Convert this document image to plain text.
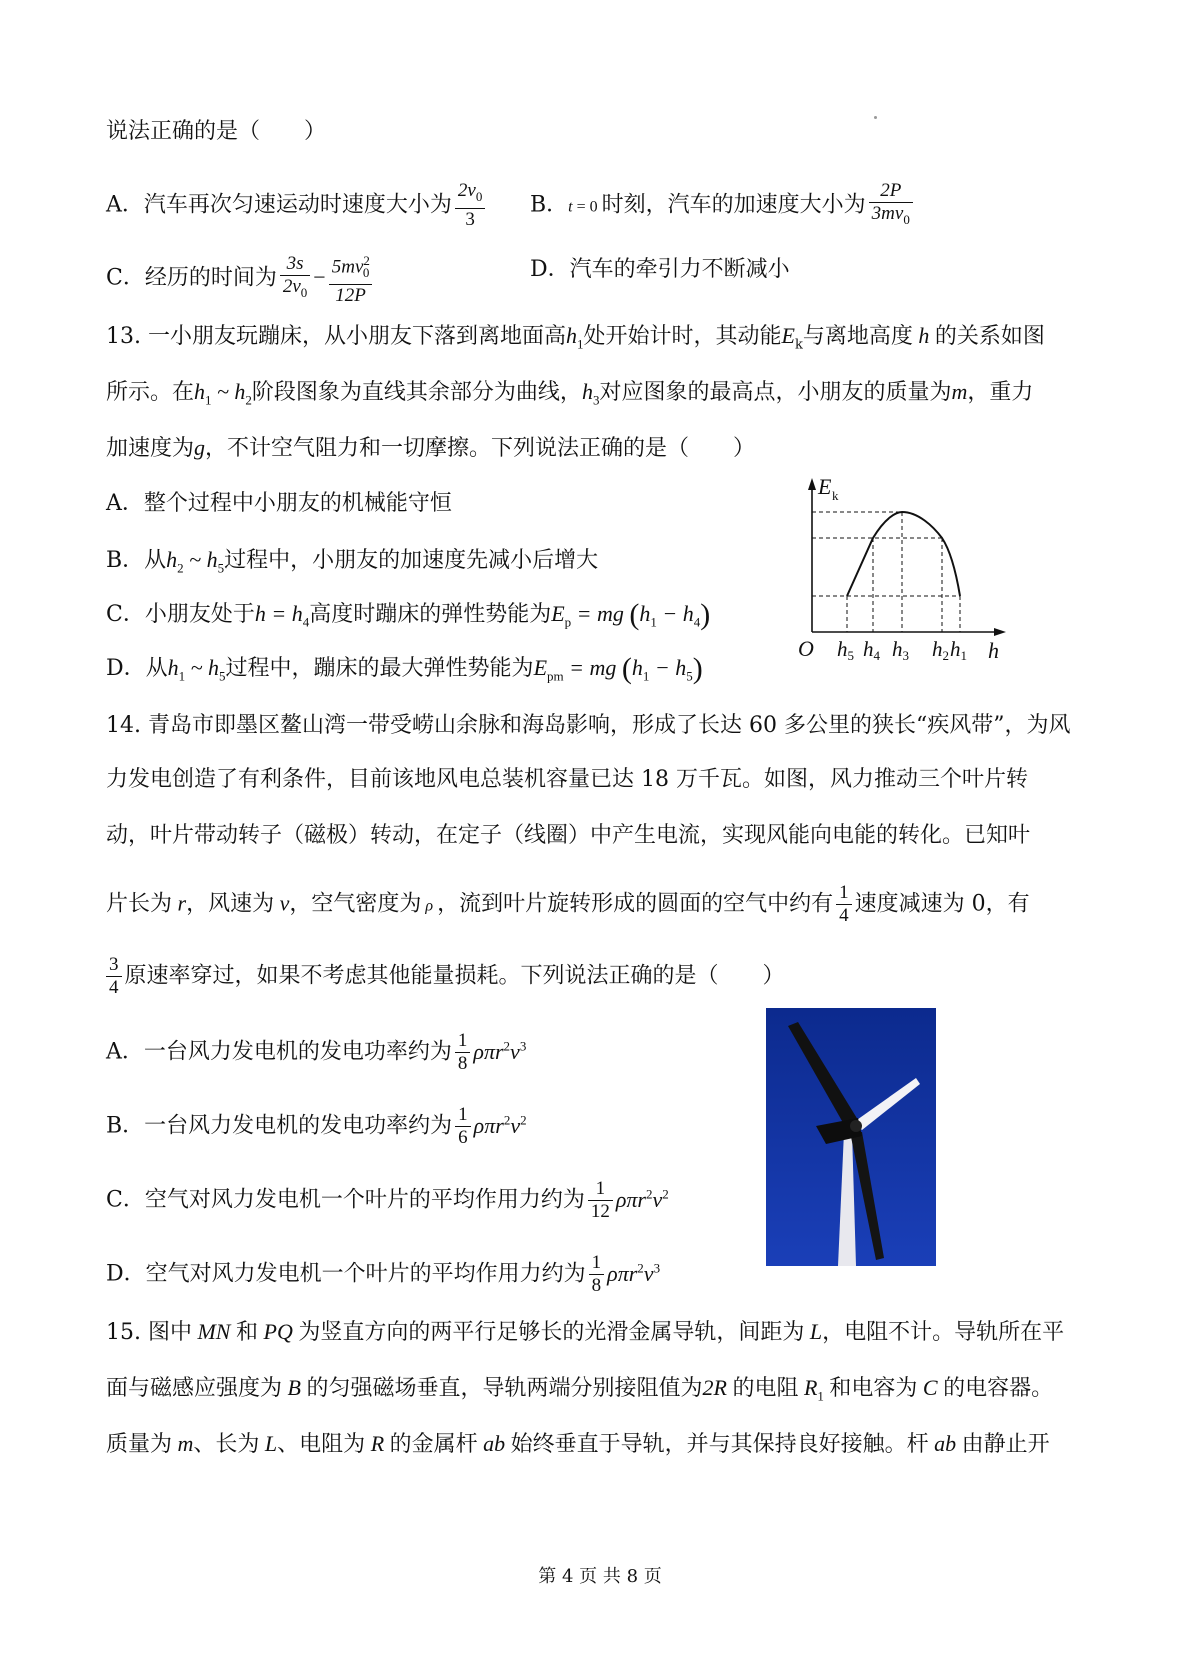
说法正确的是（　　）
A．汽车再次匀速运动时速度大小为 $\frac{2v_0}{3}$ B．t = 0 时刻，汽车的加速度大小为 $\frac{2P}{3mv_0}$
C．经历的时间为 $\frac{3s}{2v_0} - \frac{5mv^2_0}{12P}$	D．汽车的牵引力不断减小
13. 一小朋友玩蹦床，从小朋友下落到离地面高$h_1$处开始计时，其动能$E_k$与离地高度 h 的关系如图
所示。在$h_1$ ~ $h_2$阶段图象为直线其余部分为曲线，$h_3$对应图象的最高点，小朋友的质量为m，重力
加速度为g，不计空气阻力和一切摩擦。下列说法正确的是（　　）
A．整个过程中小朋友的机械能守恒
B．从$h_2$ ~ $h_5$过程中，小朋友的加速度先减小后增大
C．小朋友处于$h = h_4$高度时蹦床的弹性势能为$E_p$ = mg $(h_1 - h_4)$
D．从$h_1$ ~ $h_5$过程中，蹦床的最大弹性势能为$E_{pm}$ = mg $(h_1 - h_5)$
E k
O	h
h5 h4 h3 h2 h1
14. 青岛市即墨区鳌山湾一带受崂山余脉和海岛影响，形成了长达 60 多公里的狭长“疾风带”，为风
力发电创造了有利条件，目前该地风电总装机容量已达 18 万千瓦。如图，风力推动三个叶片转
动，叶片带动转子（磁极）转动，在定子（线圈）中产生电流，实现风能向电能的转化。已知叶
片长为 r，风速为 v，空气密度为 ρ ，流到叶片旋转形成的圆面的空气中约有 $\frac{1}{4}$ 速度减速为 0，有
$\frac{3}{4}$ 原速率穿过，如果不考虑其他能量损耗。下列说法正确的是（　　）
A．一台风力发电机的发电功率约为 $\frac{1}{8} \rho\pi r^2v^3$
B．一台风力发电机的发电功率约为 $\frac{1}{6} \rho\pi r^2v^2$
C．空气对风力发电机一个叶片的平均作用力约为 $\frac{1}{12} \rho\pi r^2v^2$
D．空气对风力发电机一个叶片的平均作用力约为 $\frac{1}{8} \rho\pi r^2v^3$
15. 图中 MN 和 PQ 为竖直方向的两平行足够长的光滑金属导轨，间距为 L，电阻不计。导轨所在平
面与磁感应强度为 B 的匀强磁场垂直，导轨两端分别接阻值为2R 的电阻 $R_1$ 和电容为 C 的电容器。
质量为 m、长为 L、电阻为 R 的金属杆 ab 始终垂直于导轨，并与其保持良好接触。杆 ab 由静止开
第 4 页 共 8 页
